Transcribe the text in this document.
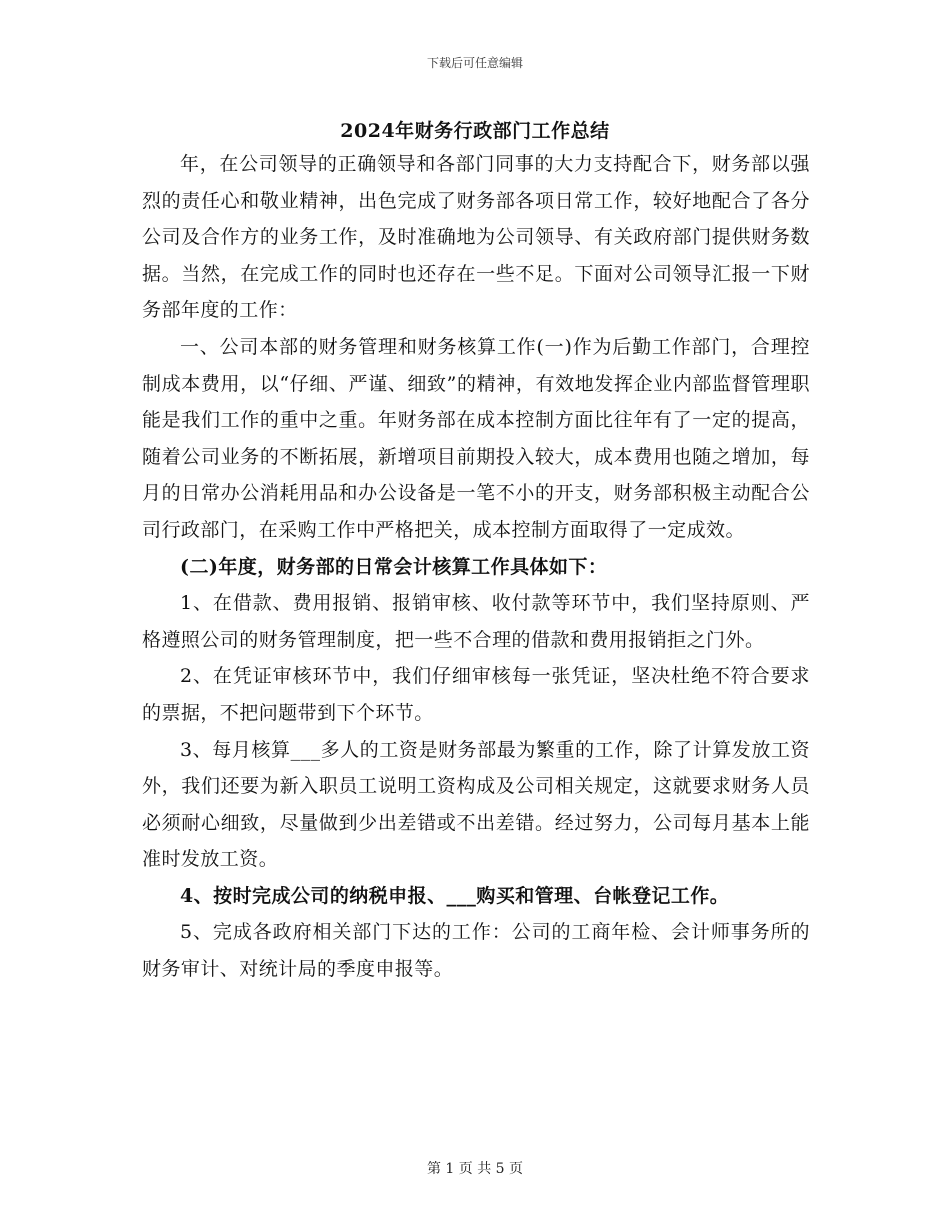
下载后可任意编辑
2024年财务行政部门工作总结

年，在公司领导的正确领导和各部门同事的大力支持配合下，财务部以强烈的责任心和敬业精神，出色完成了财务部各项日常工作，较好地配合了各分公司及合作方的业务工作，及时准确地为公司领导、有关政府部门提供财务数据。当然，在完成工作的同时也还存在一些不足。下面对公司领导汇报一下财务部年度的工作：

一、公司本部的财务管理和财务核算工作(一)作为后勤工作部门，合理控制成本费用，以“仔细、严谨、细致”的精神，有效地发挥企业内部监督管理职能是我们工作的重中之重。年财务部在成本控制方面比往年有了一定的提高，随着公司业务的不断拓展，新增项目前期投入较大，成本费用也随之增加，每月的日常办公消耗用品和办公设备是一笔不小的开支，财务部积极主动配合公司行政部门，在采购工作中严格把关，成本控制方面取得了一定成效。

(二)年度，财务部的日常会计核算工作具体如下：

1、在借款、费用报销、报销审核、收付款等环节中，我们坚持原则、严格遵照公司的财务管理制度，把一些不合理的借款和费用报销拒之门外。

2、在凭证审核环节中，我们仔细审核每一张凭证，坚决杜绝不符合要求的票据，不把问题带到下个环节。

3、每月核算___多人的工资是财务部最为繁重的工作，除了计算发放工资外，我们还要为新入职员工说明工资构成及公司相关规定，这就要求财务人员必须耐心细致，尽量做到少出差错或不出差错。经过努力，公司每月基本上能准时发放工资。

4、按时完成公司的纳税申报、___购买和管理、台帐登记工作。

5、完成各政府相关部门下达的工作：公司的工商年检、会计师事务所的财务审计、对统计局的季度申报等。

第 1 页 共 5 页
